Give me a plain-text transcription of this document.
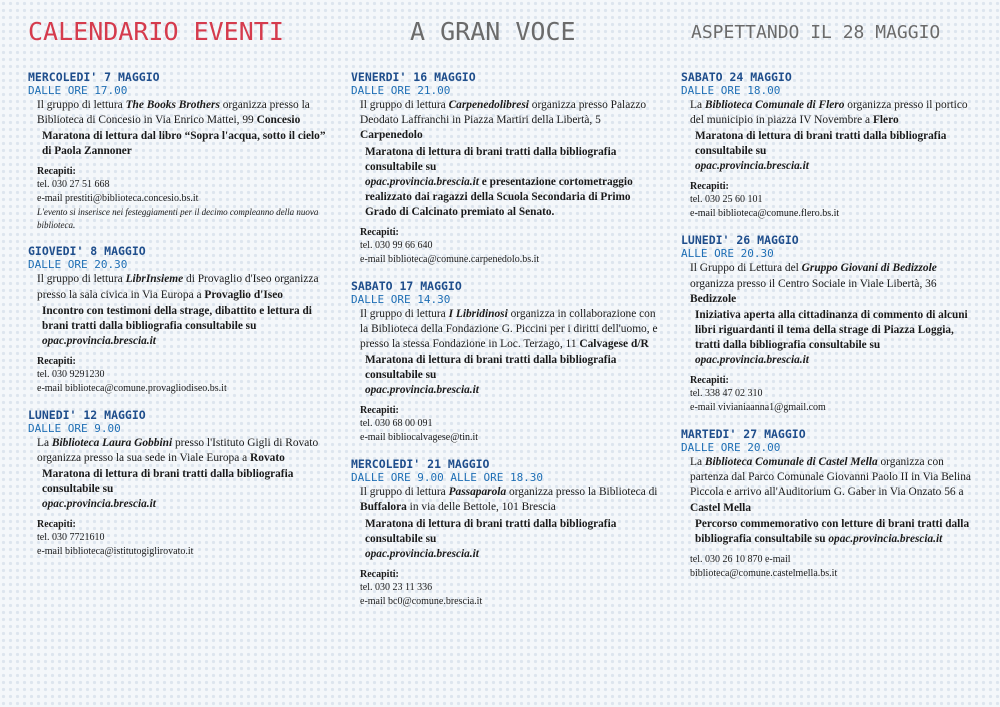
CALENDARIO EVENTI	A GRAN VOCE	ASPETTANDO IL 28 MAGGIO
MERCOLEDI' 7 MAGGIO
DALLE ORE 17.00
Il gruppo di lettura The Books Brothers organizza presso la Biblioteca di Concesio in Via Enrico Mattei, 99 Concesio
Maratona di lettura dal libro “Sopra l'acqua, sotto il cielo” di Paola Zannoner
Recapiti:
tel. 030 27 51 668
e-mail prestiti@biblioteca.concesio.bs.it
L'evento si inserisce nei festeggiamenti per il decimo compleanno della nuova biblioteca.
GIOVEDI' 8 MAGGIO
DALLE ORE 20.30
Il gruppo di lettura LibrInsieme di Provaglio d'Iseo organizza presso la sala civica in Via Europa a Provaglio d'Iseo
Incontro con testimoni della strage, dibattito e lettura di brani tratti dalla bibliografia consultabile su
opac.provincia.brescia.it
Recapiti:
tel. 030 9291230
e-mail biblioteca@comune.provagliodiseo.bs.it
LUNEDI' 12 MAGGIO
DALLE ORE 9.00
La Biblioteca Laura Gobbini presso l'Istituto Gigli di Rovato organizza presso la sua sede in Viale Europa a Rovato
Maratona di lettura di brani tratti dalla bibliografia consultabile su
opac.provincia.brescia.it
Recapiti:
tel. 030 7721610
e-mail biblioteca@istitutogiglirovato.it
VENERDI' 16 MAGGIO
DALLE ORE 21.00
Il gruppo di lettura Carpenedolibresi organizza presso Palazzo Deodato Laffranchi in Piazza Martiri della Libertà, 5 Carpenedolo
Maratona di lettura di brani tratti dalla bibliografia consultabile su
opac.provincia.brescia.it e presentazione cortometraggio realizzato dai ragazzi della Scuola Secondaria di Primo Grado di Calcinato premiato al Senato.
Recapiti:
tel. 030 99 66 640
e-mail biblioteca@comune.carpenedolo.bs.it
SABATO 17 MAGGIO
DALLE ORE 14.30
Il gruppo di lettura I Libridinosi organizza in collaborazione con la Biblioteca della Fondazione G. Piccini per i diritti dell'uomo, e presso la stessa Fondazione in Loc. Terzago, 11 Calvagese d/R
Maratona di lettura di brani tratti dalla bibliografia consultabile su
opac.provincia.brescia.it
Recapiti:
tel. 030 68 00 091
e-mail bibliocalvagese@tin.it
MERCOLEDI' 21 MAGGIO
DALLE ORE 9.00 ALLE ORE 18.30
Il gruppo di lettura Passaparola organizza presso la Biblioteca di Buffalora in via delle Bettole, 101 Brescia
Maratona di lettura di brani tratti dalla bibliografia consultabile su
opac.provincia.brescia.it
Recapiti:
tel. 030 23 11 336
e-mail bc0@comune.brescia.it
SABATO 24 MAGGIO
DALLE ORE 18.00
La Biblioteca Comunale di Flero organizza presso il portico del municipio in piazza IV Novembre a Flero
Maratona di lettura di brani tratti dalla bibliografia consultabile su
opac.provincia.brescia.it
Recapiti:
tel. 030 25 60 101
e-mail biblioteca@comune.flero.bs.it
LUNEDI' 26 MAGGIO
ALLE ORE 20.30
Il Gruppo di Lettura del Gruppo Giovani di Bedizzole organizza presso il Centro Sociale in Viale Libertà, 36 Bedizzole
Iniziativa aperta alla cittadinanza di commento di alcuni libri riguardanti il tema della strage di Piazza Loggia, tratti dalla bibliografia consultabile su
opac.provincia.brescia.it
Recapiti:
tel. 338 47 02 310
e-mail vivianiaanna1@gmail.com
MARTEDI' 27 MAGGIO
DALLE ORE 20.00
La Biblioteca Comunale di Castel Mella organizza con partenza dal Parco Comunale Giovanni Paolo II in Via Belina Piccola e arrivo all'Auditorium G. Gaber in Via Onzato 56 a
Castel Mella
Percorso commemorativo con letture di brani tratti dalla bibliografia consultabile su opac.provincia.brescia.it
tel. 030 26 10 870 e-mail
biblioteca@comune.castelmella.bs.it
